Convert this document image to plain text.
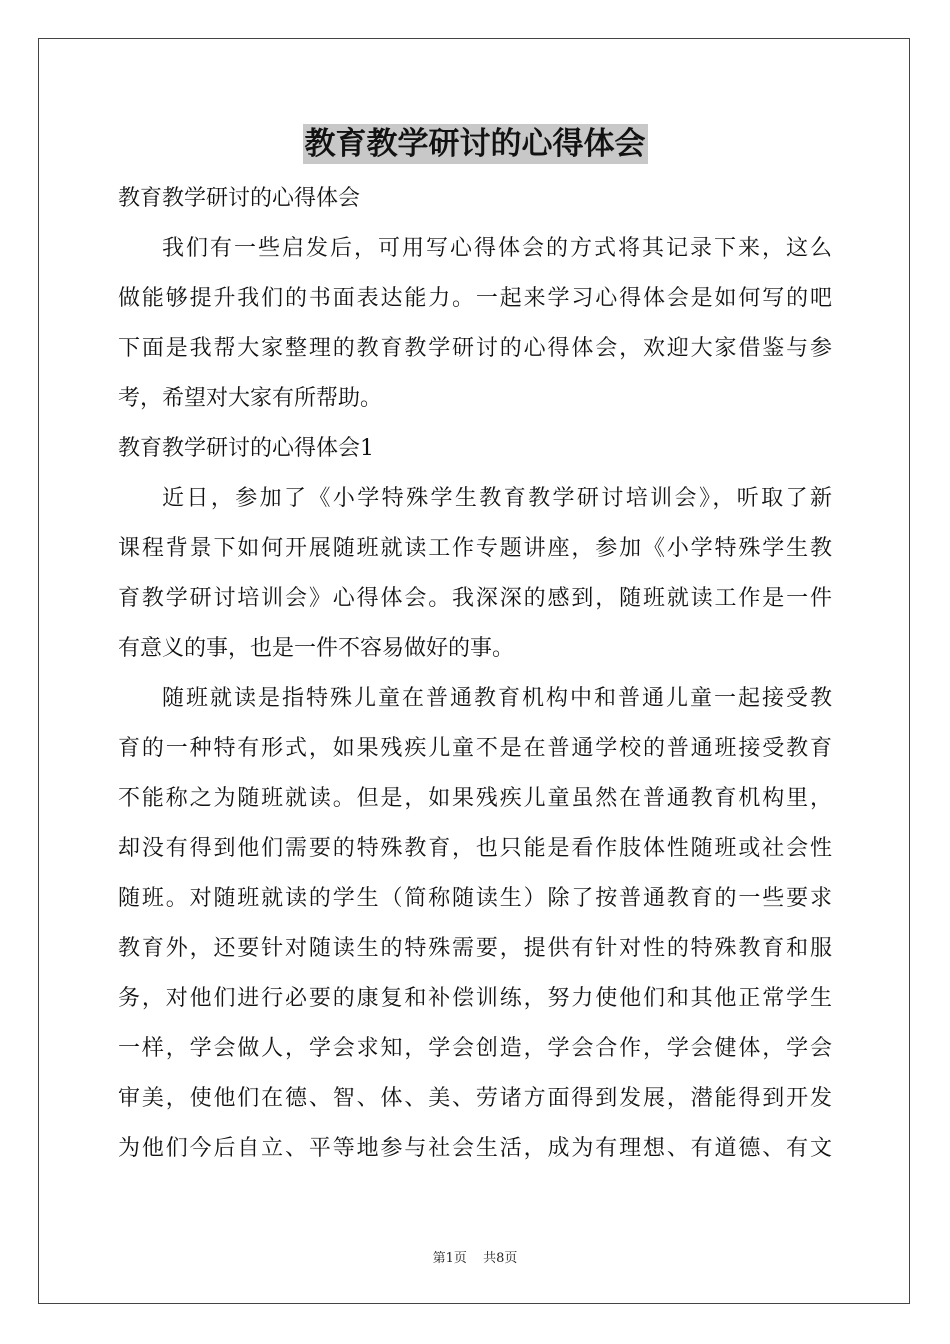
教育教学研讨的心得体会
教育教学研讨的心得体会
我们有一些启发后，可用写心得体会的方式将其记录下来，这么
做能够提升我们的书面表达能力。一起来学习心得体会是如何写的吧
下面是我帮大家整理的教育教学研讨的心得体会，欢迎大家借鉴与参
考，希望对大家有所帮助。
教育教学研讨的心得体会1
近日，参加了《小学特殊学生教育教学研讨培训会》，听取了新
课程背景下如何开展随班就读工作专题讲座，参加《小学特殊学生教
育教学研讨培训会》心得体会。我深深的感到，随班就读工作是一件
有意义的事，也是一件不容易做好的事。
随班就读是指特殊儿童在普通教育机构中和普通儿童一起接受教
育的一种特有形式，如果残疾儿童不是在普通学校的普通班接受教育
不能称之为随班就读。但是，如果残疾儿童虽然在普通教育机构里，
却没有得到他们需要的特殊教育，也只能是看作肢体性随班或社会性
随班。对随班就读的学生（简称随读生）除了按普通教育的一些要求
教育外，还要针对随读生的特殊需要，提供有针对性的特殊教育和服
务，对他们进行必要的康复和补偿训练，努力使他们和其他正常学生
一样，学会做人，学会求知，学会创造，学会合作，学会健体，学会
审美，使他们在德、智、体、美、劳诸方面得到发展，潜能得到开发
为他们今后自立、平等地参与社会生活，成为有理想、有道德、有文
第1页 共8页
